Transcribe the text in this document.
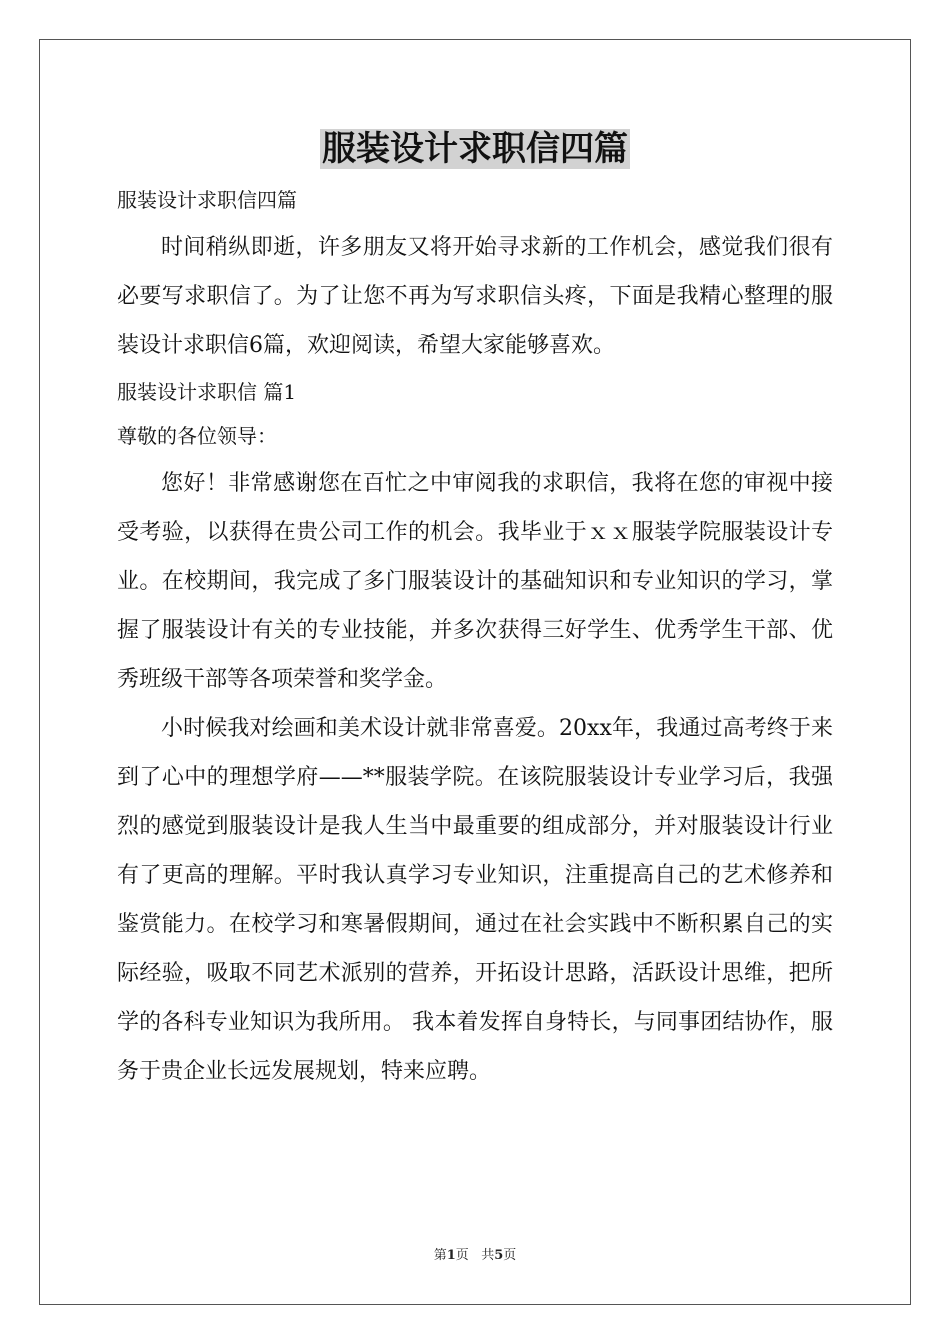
服装设计求职信四篇

服装设计求职信四篇

时间稍纵即逝，许多朋友又将开始寻求新的工作机会，感觉我们很有必要写求职信了。为了让您不再为写求职信头疼，下面是我精心整理的服装设计求职信6篇，欢迎阅读，希望大家能够喜欢。

服装设计求职信 篇1

尊敬的各位领导：

您好！非常感谢您在百忙之中审阅我的求职信，我将在您的审视中接受考验，以获得在贵公司工作的机会。我毕业于ｘｘ服装学院服装设计专业。在校期间，我完成了多门服装设计的基础知识和专业知识的学习，掌握了服装设计有关的专业技能，并多次获得三好学生、优秀学生干部、优秀班级干部等各项荣誉和奖学金。

小时候我对绘画和美术设计就非常喜爱。20xx年，我通过高考终于来到了心中的理想学府——**服装学院。在该院服装设计专业学习后，我强烈的感觉到服装设计是我人生当中最重要的组成部分，并对服装设计行业有了更高的理解。平时我认真学习专业知识，注重提高自己的艺术修养和鉴赏能力。在校学习和寒暑假期间，通过在社会实践中不断积累自己的实际经验，吸取不同艺术派别的营养，开拓设计思路，活跃设计思维，把所学的各科专业知识为我所用。 我本着发挥自身特长，与同事团结协作，服务于贵企业长远发展规划，特来应聘。

第1页 共5页
